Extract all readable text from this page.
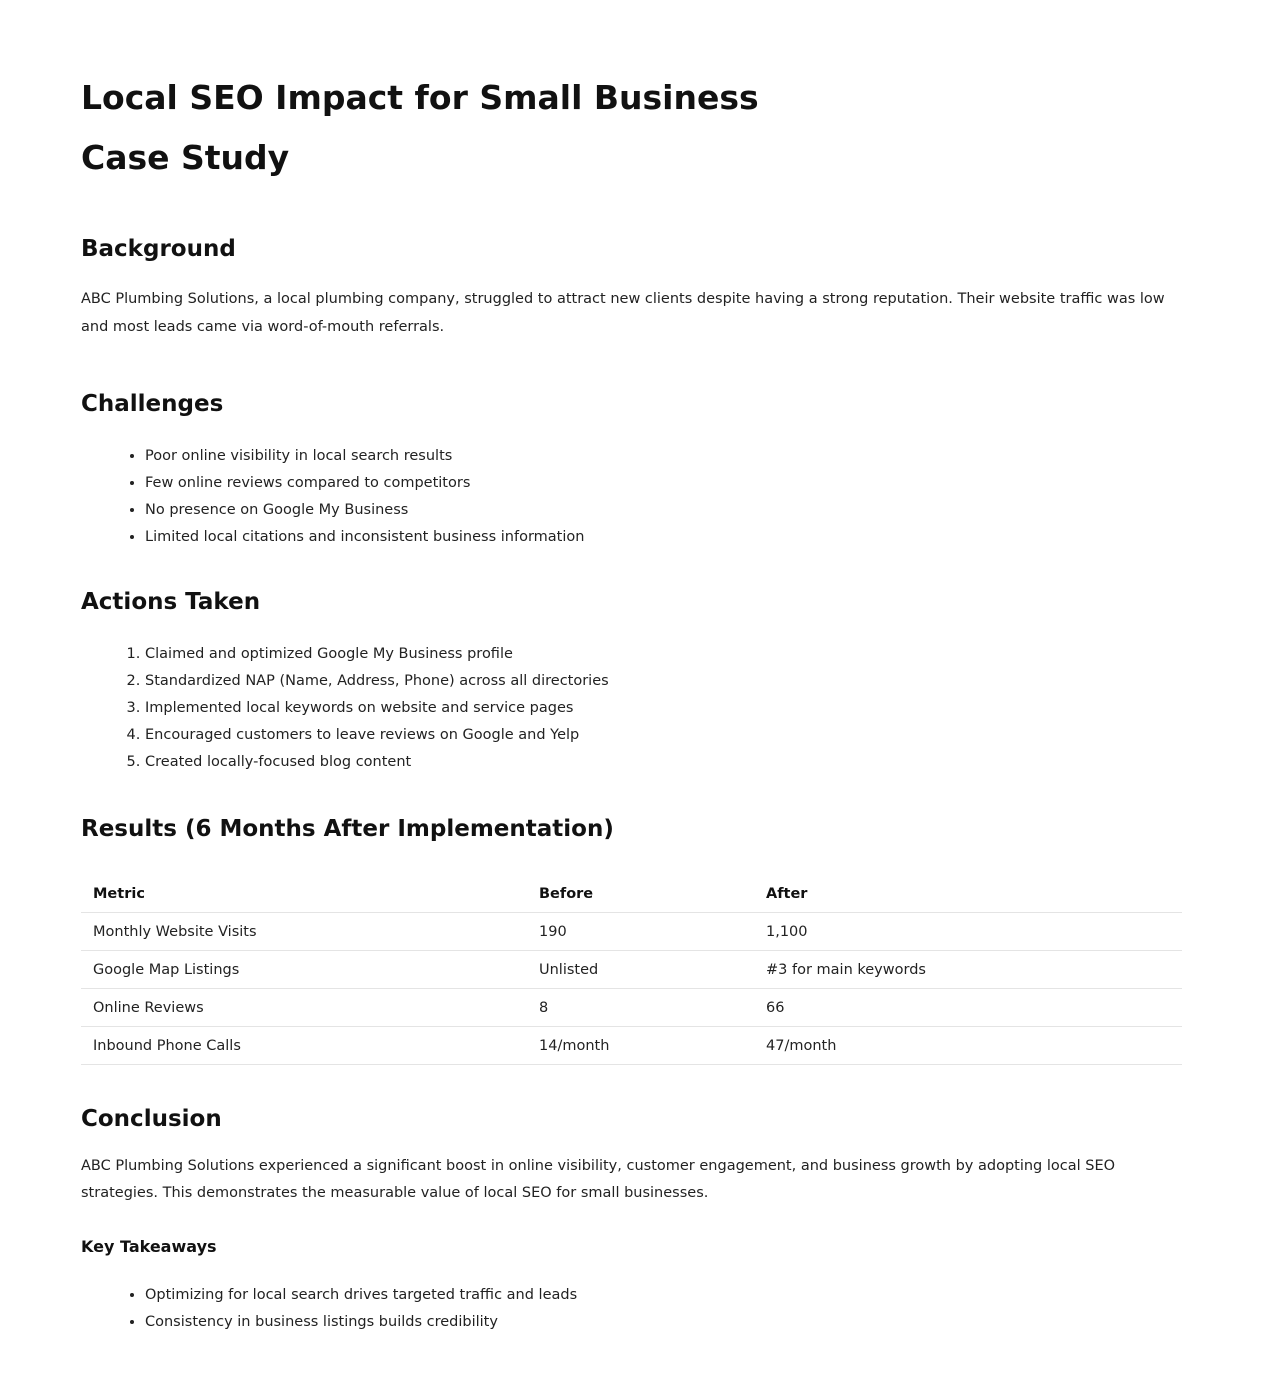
Local SEO Impact for Small Business
Case Study
Background

ABC Plumbing Solutions, a local plumbing company, struggled to attract new clients despite having a strong reputation. Their website traffic was low and most leads came via word-of-mouth referrals.

Challenges
• Poor online visibility in local search results
• Few online reviews compared to competitors
• No presence on Google My Business
• Limited local citations and inconsistent business information
Actions Taken
1. Claimed and optimized Google My Business profile
2. Standardized NAP (Name, Address, Phone) across all directories
3. Implemented local keywords on website and service pages
4. Encouraged customers to leave reviews on Google and Yelp
5. Created locally-focused blog content
Results (6 Months After Implementation)
Metric	Before	After
Monthly Website Visits	190	1,100
Google Map Listings	Unlisted	#3 for main keywords
Online Reviews	8	66
Inbound Phone Calls	14/month	47/month
Conclusion

ABC Plumbing Solutions experienced a significant boost in online visibility, customer engagement, and business growth by adopting local SEO strategies. This demonstrates the measurable value of local SEO for small businesses.

Key Takeaways
• Optimizing for local search drives targeted traffic and leads
• Consistency in business listings builds credibility
